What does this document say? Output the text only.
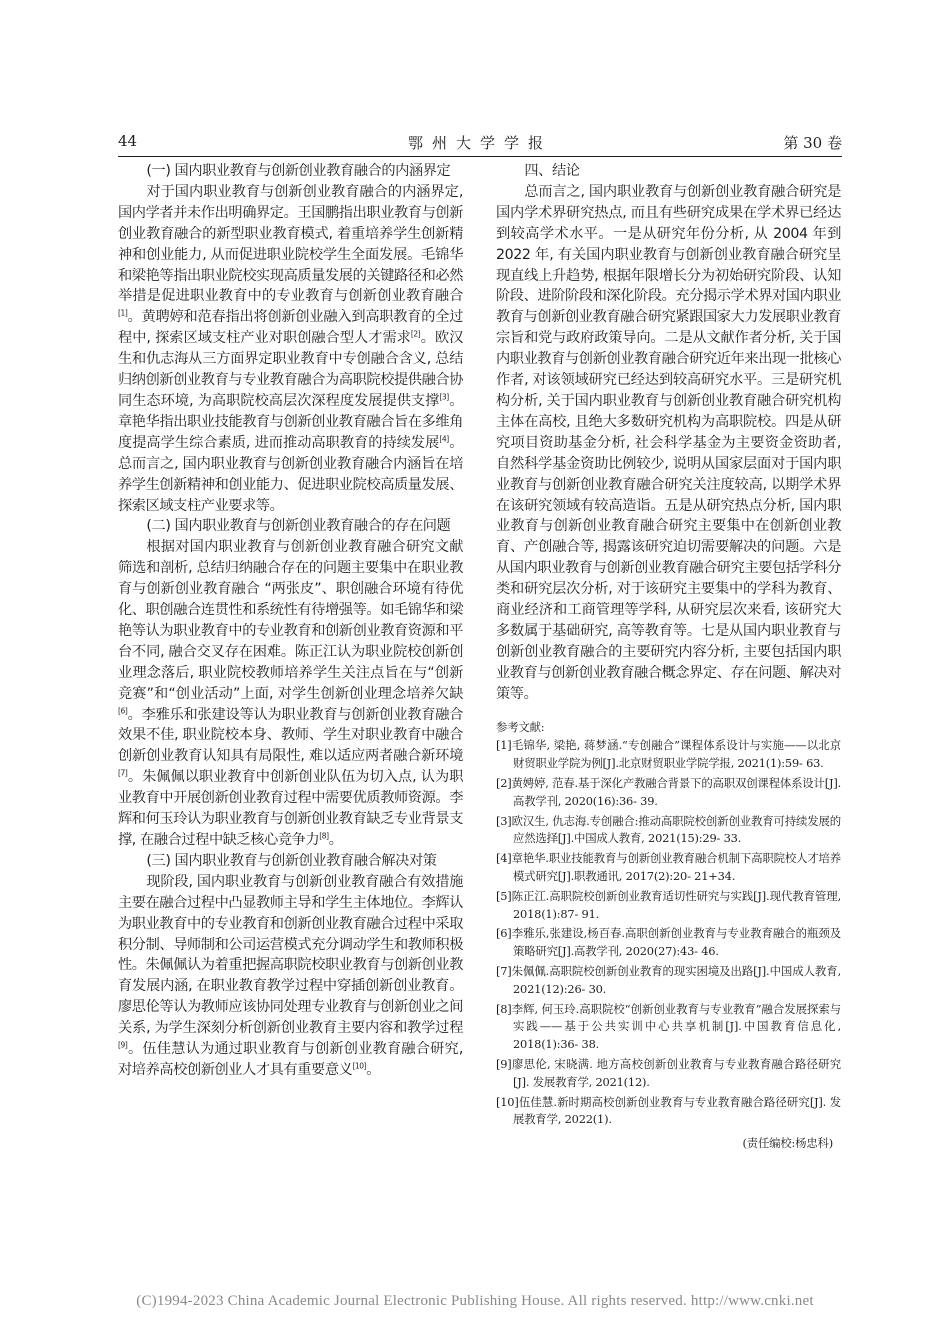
44	鄂州大学学报	第 30 卷
(一) 国内职业教育与创新创业教育融合的内涵界定

对于国内职业教育与创新创业教育融合的内涵界定, 国内学者并未作出明确界定。王国鹏指出职业教育与创新创业教育融合的新型职业教育模式, 着重培养学生创新精神和创业能力, 从而促进职业院校学生全面发展。毛锦华和梁艳等指出职业院校实现高质量发展的关键路径和必然举措是促进职业教育中的专业教育与创新创业教育融合[1]。黄聘婷和范春指出将创新创业融入到高职教育的全过程中, 探索区域支柱产业对职创融合型人才需求[2]。欧汉生和仇志海从三方面界定职业教育中专创融合含义, 总结归纳创新创业教育与专业教育融合为高职院校提供融合协同生态环境, 为高职院校高层次深程度发展提供支撑[3]。章艳华指出职业技能教育与创新创业教育融合旨在多维角度提高学生综合素质, 进而推动高职教育的持续发展[4]。总而言之, 国内职业教育与创新创业教育融合内涵旨在培养学生创新精神和创业能力、促进职业院校高质量发展、探索区域支柱产业要求等。

(二) 国内职业教育与创新创业教育融合的存在问题

根据对国内职业教育与创新创业教育融合研究文献筛选和剖析, 总结归纳融合存在的问题主要集中在职业教育与创新创业教育融合 “两张皮”、职创融合环境有待优化、职创融合连贯性和系统性有待增强等。如毛锦华和梁艳等认为职业教育中的专业教育和创新创业教育资源和平台不同, 融合交叉存在困难。陈正江认为职业院校创新创业理念落后, 职业院校教师培养学生关注点旨在与“创新竞赛”和“创业活动”上面, 对学生创新创业理念培养欠缺[6]。李雅乐和张建设等认为职业教育与创新创业教育融合效果不佳, 职业院校本身、教师、学生对职业教育中融合创新创业教育认知具有局限性, 难以适应两者融合新环境[7]。朱佩佩以职业教育中创新创业队伍为切入点, 认为职业教育中开展创新创业教育过程中需要优质教师资源。李辉和何玉玲认为职业教育与创新创业教育缺乏专业背景支撑, 在融合过程中缺乏核心竞争力[8]。

(三) 国内职业教育与创新创业教育融合解决对策

现阶段, 国内职业教育与创新创业教育融合有效措施主要在融合过程中凸显教师主导和学生主体地位。李辉认为职业教育中的专业教育和创新创业教育融合过程中采取积分制、导师制和公司运营模式充分调动学生和教师积极性。朱佩佩认为着重把握高职院校职业教育与创新创业教育发展内涵, 在职业教育教学过程中穿插创新创业教育。廖思伦等认为教师应该协同处理专业教育与创新创业之间关系, 为学生深刻分析创新创业教育主要内容和教学过程[9]。伍佳慧认为通过职业教育与创新创业教育融合研究, 对培养高校创新创业人才具有重要意义[10]。

四、结论

总而言之, 国内职业教育与创新创业教育融合研究是国内学术界研究热点, 而且有些研究成果在学术界已经达到较高学术水平。一是从研究年份分析, 从 2004 年到 2022 年, 有关国内职业教育与创新创业教育融合研究呈现直线上升趋势, 根据年限增长分为初始研究阶段、认知阶段、进阶阶段和深化阶段。充分揭示学术界对国内职业教育与创新创业教育融合研究紧跟国家大力发展职业教育宗旨和党与政府政策导向。二是从文献作者分析, 关于国内职业教育与创新创业教育融合研究近年来出现一批核心作者, 对该领域研究已经达到较高研究水平。三是研究机构分析, 关于国内职业教育与创新创业教育融合研究机构主体在高校, 且绝大多数研究机构为高职院校。四是从研究项目资助基金分析, 社会科学基金为主要资金资助者, 自然科学基金资助比例较少, 说明从国家层面对于国内职业教育与创新创业教育融合研究关注度较高, 以期学术界在该研究领域有较高造诣。五是从研究热点分析, 国内职业教育与创新创业教育融合研究主要集中在创新创业教育、产创融合等, 揭露该研究迫切需要解决的问题。六是从国内职业教育与创新创业教育融合研究主要包括学科分类和研究层次分析, 对于该研究主要集中的学科为教育、商业经济和工商管理等学科, 从研究层次来看, 该研究大多数属于基础研究, 高等教育等。七是从国内职业教育与创新创业教育融合的主要研究内容分析, 主要包括国内职业教育与创新创业教育融合概念界定、存在问题、解决对策等。

参考文献:

[1]毛锦华, 梁艳, 蒋梦涵.“专创融合”课程体系设计与实施——以北京财贸职业学院为例[J].北京财贸职业学院学报, 2021(1):59- 63.
[2]黄娉婷, 范春.基于深化产教融合背景下的高职双创课程体系设计[J].高教学刊, 2020(16):36- 39.
[3]欧汉生, 仇志海.专创融合:推动高职院校创新创业教育可持续发展的应然选择[J].中国成人教育, 2021(15):29- 33.
[4]章艳华.职业技能教育与创新创业教育融合机制下高职院校人才培养模式研究[J].职教通讯, 2017(2):20- 21+34.
[5]陈正江.高职院校创新创业教育适切性研究与实践[J].现代教育管理, 2018(1):87- 91.
[6]李雅乐,张建设,杨百春.高职创新创业教育与专业教育融合的瓶颈及策略研究[J].高教学刊, 2020(27):43- 46.
[7]朱佩佩.高职院校创新创业教育的现实困境及出路[J].中国成人教育, 2021(12):26- 30.
[8]李辉, 何玉玲.高职院校“创新创业教育与专业教育”融合发展探索与实践——基于公共实训中心共享机制[J].中国教育信息化, 2018(1):36- 38.
[9]廖思伦, 宋晓满. 地方高校创新创业教育与专业教育融合路径研究[J]. 发展教育学, 2021(12).
[10]伍佳慧.新时期高校创新创业教育与专业教育融合路径研究[J]. 发展教育学, 2022(1).
(责任编校:杨忠科)
(C)1994-2023 China Academic Journal Electronic Publishing House. All rights reserved. http://www.cnki.net
